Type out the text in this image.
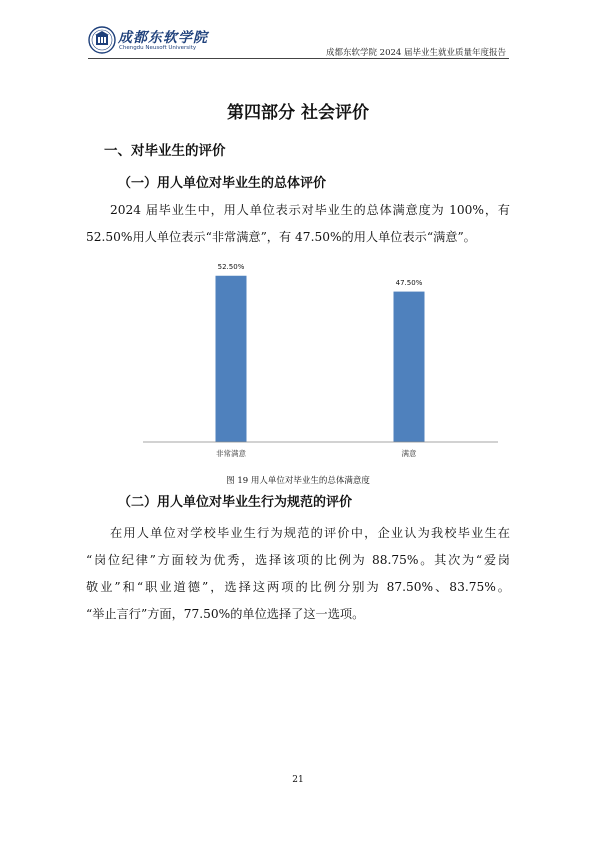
成都东软学院
Chengdu Neusoft University	成都东软学院 2024 届毕业生就业质量年度报告
第四部分 社会评价
一、对毕业生的评价
（一）用人单位对毕业生的总体评价
2024 届毕业生中，用人单位表示对毕业生的总体满意度为 100%，有
52.50%用人单位表示“非常满意”，有 47.50%的用人单位表示“满意”。
52.50%
非常满意
47.50%
满意
图 19 用人单位对毕业生的总体满意度
（二）用人单位对毕业生行为规范的评价
在用人单位对学校毕业生行为规范的评价中，企业认为我校毕业生在
“岗位纪律”方面较为优秀，选择该项的比例为 88.75%。其次为“爱岗
敬业”和“职业道德”，选择这两项的比例分别为 87.50%、83.75%。
“举止言行”方面，77.50%的单位选择了这一选项。
21
